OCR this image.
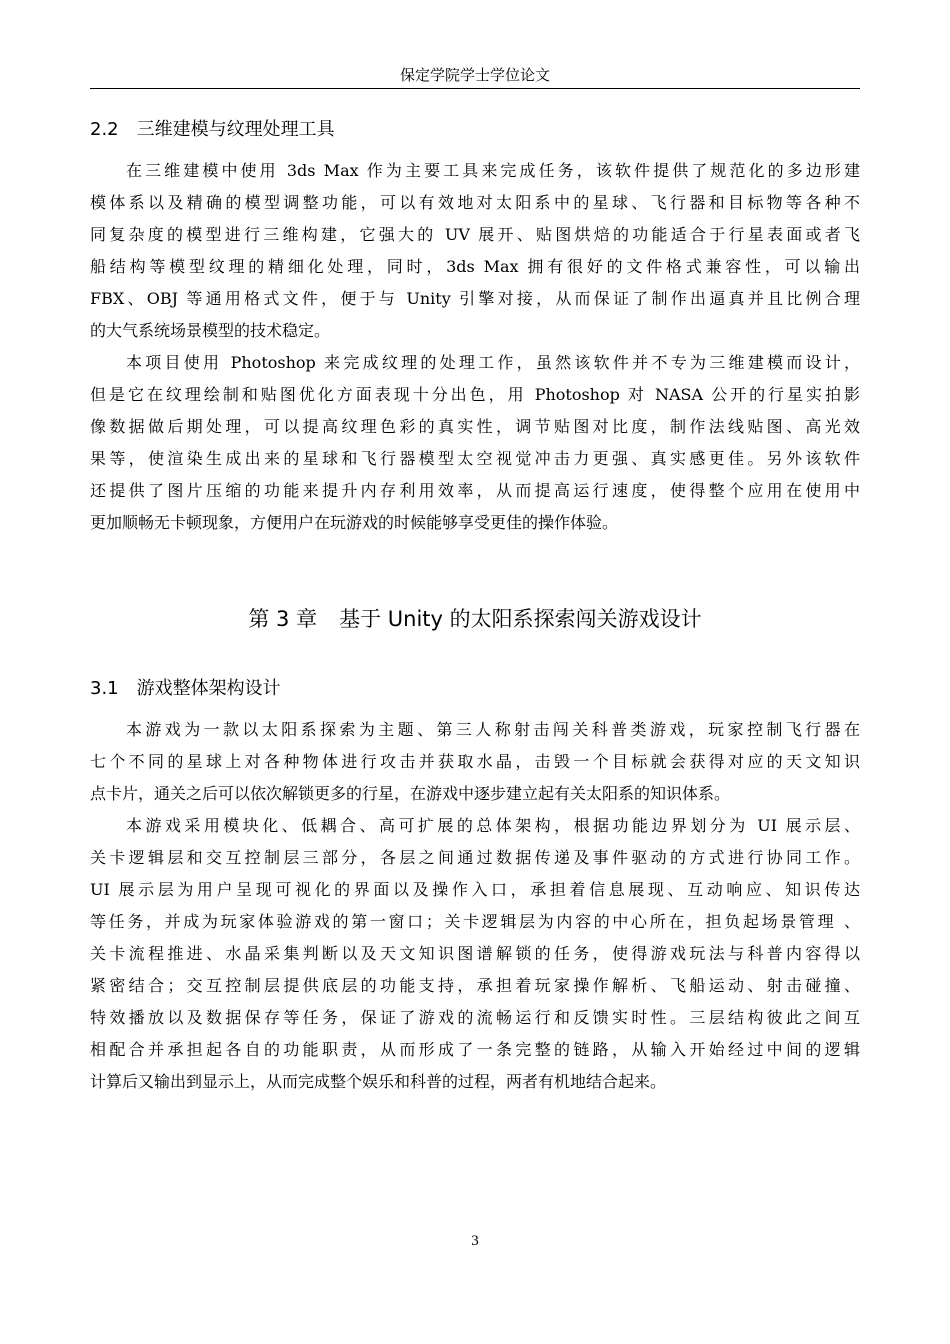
保定学院学士学位论文
2.2 三维建模与纹理处理工具
在三维建模中使用 3ds Max 作为主要工具来完成任务，该软件提供了规范化的多边形建
模体系以及精确的模型调整功能，可以有效地对太阳系中的星球、飞行器和目标物等各种不
同复杂度的模型进行三维构建，它强大的 UV 展开、贴图烘焙的功能适合于行星表面或者飞
船结构等模型纹理的精细化处理，同时，3ds Max 拥有很好的文件格式兼容性，可以输出
FBX、OBJ 等通用格式文件，便于与 Unity 引擎对接，从而保证了制作出逼真并且比例合理
的大气系统场景模型的技术稳定。
本项目使用 Photoshop 来完成纹理的处理工作，虽然该软件并不专为三维建模而设计，
但是它在纹理绘制和贴图优化方面表现十分出色，用 Photoshop 对 NASA 公开的行星实拍影
像数据做后期处理，可以提高纹理色彩的真实性，调节贴图对比度，制作法线贴图、高光效
果等，使渲染生成出来的星球和飞行器模型太空视觉冲击力更强、真实感更佳。另外该软件
还提供了图片压缩的功能来提升内存利用效率，从而提高运行速度，使得整个应用在使用中
更加顺畅无卡顿现象，方便用户在玩游戏的时候能够享受更佳的操作体验。
第 3 章 基于 Unity 的太阳系探索闯关游戏设计
3.1 游戏整体架构设计
本游戏为一款以太阳系探索为主题、第三人称射击闯关科普类游戏，玩家控制飞行器在
七个不同的星球上对各种物体进行攻击并获取水晶，击毁一个目标就会获得对应的天文知识
点卡片，通关之后可以依次解锁更多的行星，在游戏中逐步建立起有关太阳系的知识体系。
本游戏采用模块化、低耦合、高可扩展的总体架构，根据功能边界划分为 UI 展示层、
关卡逻辑层和交互控制层三部分，各层之间通过数据传递及事件驱动的方式进行协同工作。
UI 展示层为用户呈现可视化的界面以及操作入口，承担着信息展现、互动响应、知识传达
等任务，并成为玩家体验游戏的第一窗口；关卡逻辑层为内容的中心所在，担负起场景管理 、
关卡流程推进、水晶采集判断以及天文知识图谱解锁的任务，使得游戏玩法与科普内容得以
紧密结合；交互控制层提供底层的功能支持，承担着玩家操作解析、飞船运动、射击碰撞、
特效播放以及数据保存等任务，保证了游戏的流畅运行和反馈实时性。三层结构彼此之间互
相配合并承担起各自的功能职责，从而形成了一条完整的链路，从输入开始经过中间的逻辑
计算后又输出到显示上，从而完成整个娱乐和科普的过程，两者有机地结合起来。
3
